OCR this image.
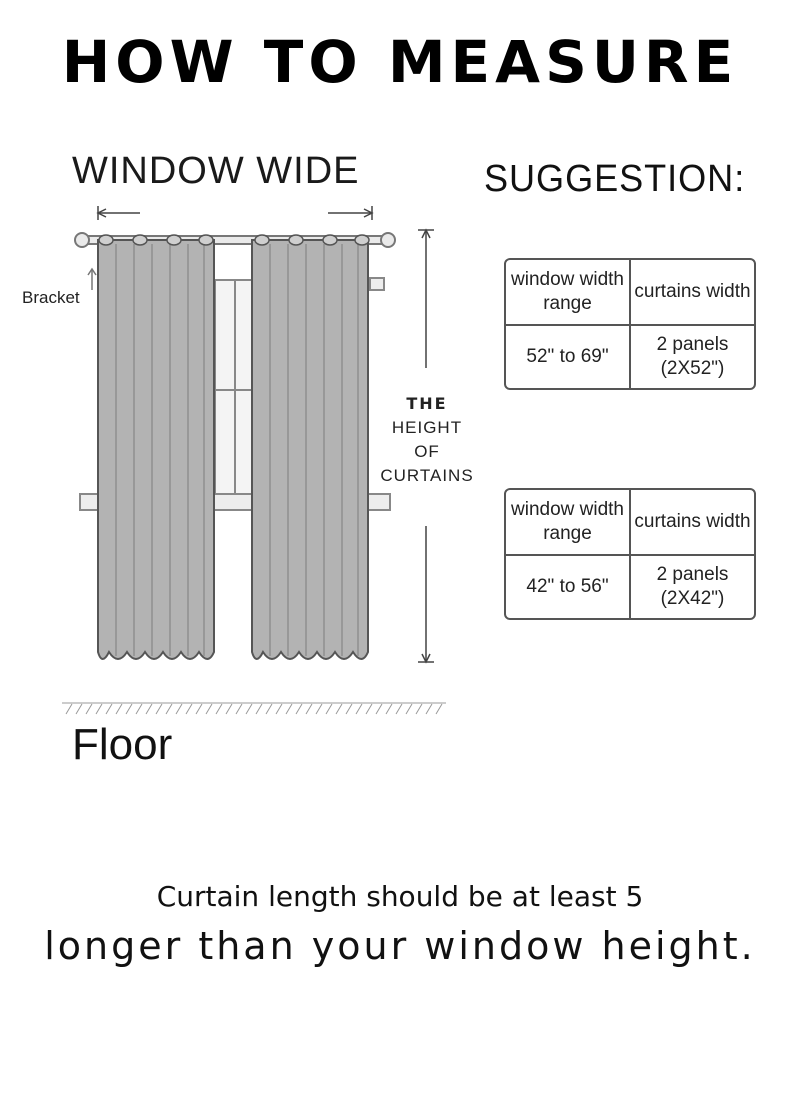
HOW TO MEASURE
WINDOW WIDE	SUGGESTION:
Bracket
THE
HEIGHT
OF
CURTAINS
Floor
window width range
curtains width
52" to 69"
2 panels (2X52")
window width range
curtains width
42" to 56"
2 panels (2X42")
Curtain length should be at least 5
longer than your window height.
